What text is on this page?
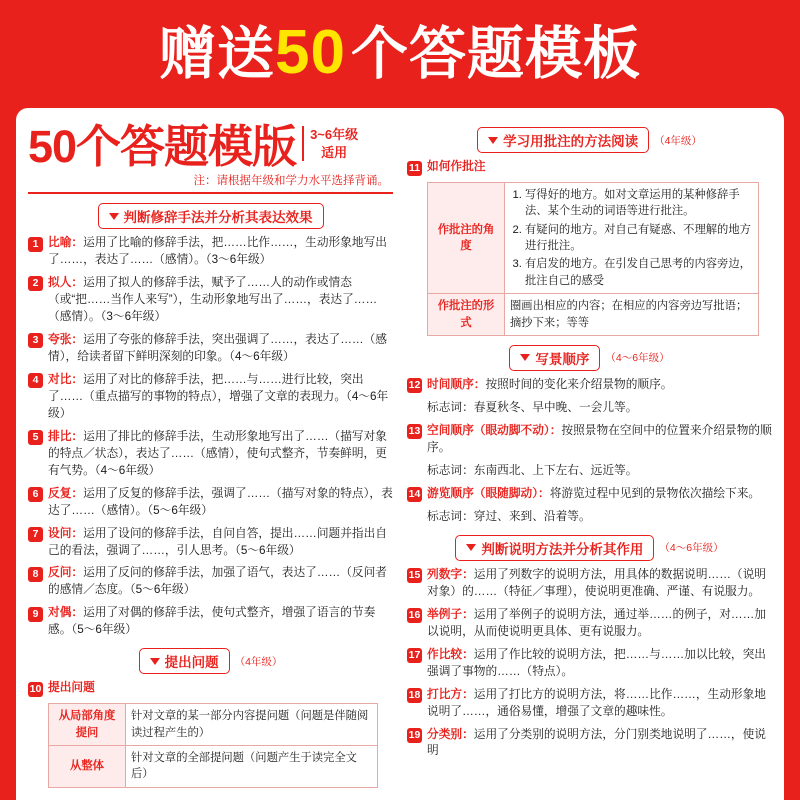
赠送50个答题模板
50个答题模版 3~6年级
适用
注：请根据年级和学力水平选择背诵。
判断修辞手法并分析其表达效果
1 比喻：运用了比喻的修辞手法，把……比作……，生动形象地写出了……，表达了……（感情）。（3～6年级）
2 拟人：运用了拟人的修辞手法，赋予了……人的动作或情态（或“把……当作人来写”），生动形象地写出了……，表达了……（感情）。（3～6年级）
3 夸张：运用了夸张的修辞手法，突出强调了……，表达了……（感情），给读者留下鲜明深刻的印象。（4～6年级）
4 对比：运用了对比的修辞手法，把……与……进行比较，突出了……（重点描写的事物的特点），增强了文章的表现力。（4～6年级）
5 排比：运用了排比的修辞手法，生动形象地写出了……（描写对象的特点／状态），表达了……（感情），使句式整齐，节奏鲜明，更有气势。（4～6年级）
6 反复：运用了反复的修辞手法，强调了……（描写对象的特点），表达了……（感情）。（5～6年级）
7 设问：运用了设问的修辞手法，自问自答，提出……问题并指出自己的看法，强调了……，引人思考。（5～6年级）
8 反问：运用了反问的修辞手法，加强了语气，表达了……（反问者的感情／态度。（5～6年级）
9 对偶：运用了对偶的修辞手法，使句式整齐，增强了语言的节奏感。（5～6年级）
提出问题 （4年级）
10 提出问题
从局部角度提问	针对文章的某一部分内容提问题（问题是伴随阅读过程产生的）
从整体	针对文章的全部提问题（问题产生于读完全文后）
学习用批注的方法阅读 （4年级）
11 如何作批注
作批注的角度	
1. 写得好的地方。如对文章运用的某种修辞手法、某个生动的词语等进行批注。
2. 有疑问的地方。对自己有疑惑、不理解的地方进行批注。
3. 有启发的地方。在引发自己思考的内容旁边，批注自己的感受

作批注的形式	圈画出相应的内容；在相应的内容旁边写批语；摘抄下来；等等
写景顺序 （4～6年级）
12 时间顺序：按照时间的变化来介绍景物的顺序。
标志词：春夏秋冬、早中晚、一会儿等。
13 空间顺序（眼动脚不动）：按照景物在空间中的位置来介绍景物的顺序。
标志词：东南西北、上下左右、远近等。
14 游览顺序（眼随脚动）：将游览过程中见到的景物依次描绘下来。
标志词：穿过、来到、沿着等。
判断说明方法并分析其作用 （4～6年级）
15 列数字：运用了列数字的说明方法，用具体的数据说明……（说明对象）的……（特征／事理），使说明更准确、严谨、有说服力。
16 举例子：运用了举例子的说明方法，通过举……的例子，对……加以说明，从而使说明更具体、更有说服力。
17 作比较：运用了作比较的说明方法，把……与……加以比较，突出强调了事物的……（特点）。
18 打比方：运用了打比方的说明方法，将……比作……，生动形象地说明了……，通俗易懂，增强了文章的趣味性。
19 分类别：运用了分类别的说明方法，分门别类地说明了……，使说明
